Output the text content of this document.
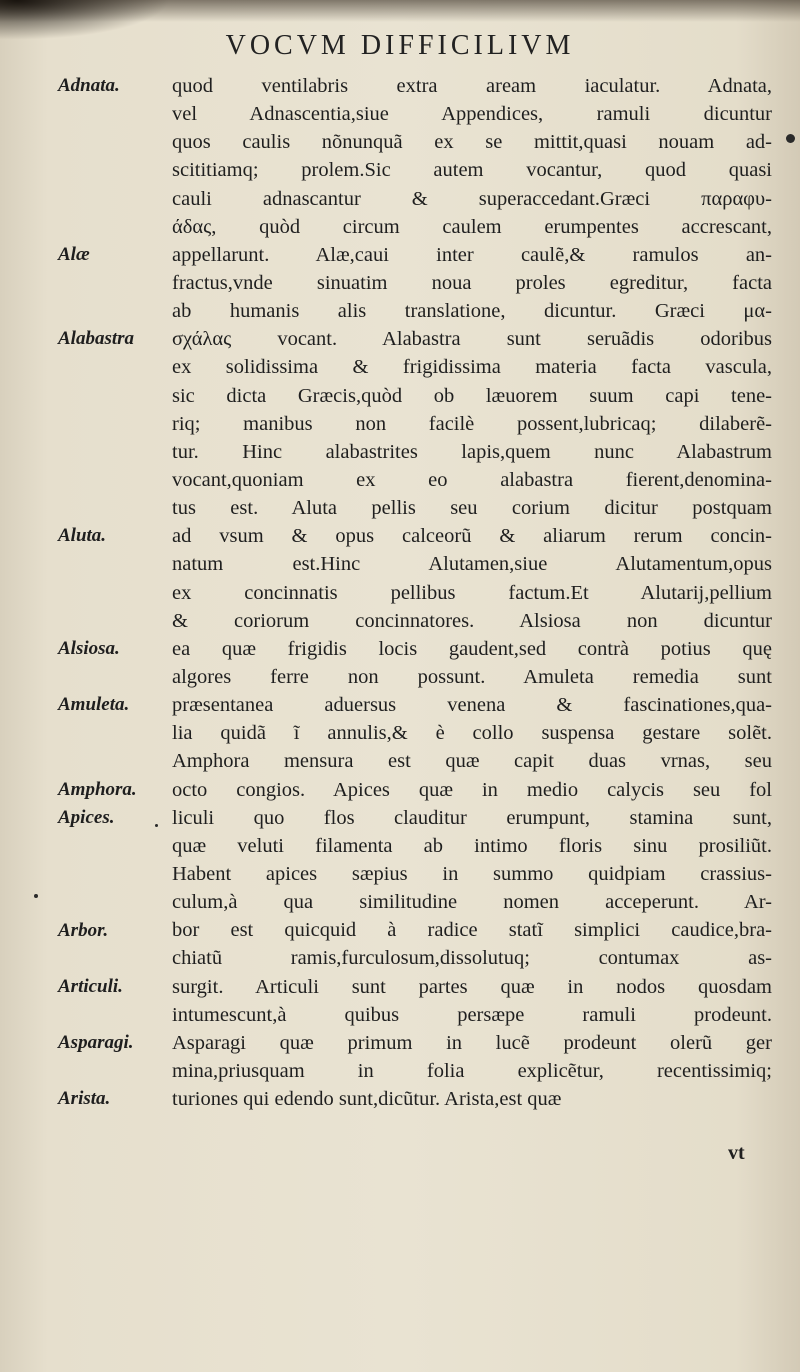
VOCVM DIFFICILIVM
Adnata.
Alæ
Alabastra
Aluta.
Alsiosa.
Amuleta.
Amphora.
Apices.
Arbor.
Articuli.
Asparagi.
Arista.
quod ventilabris extra aream iaculatur. Adnata,
vel Adnascentia,siue Appendices, ramuli dicuntur
quos caulis nõnunquã ex se mittit,quasi nouam ad-
scititiamq; prolem.Sic autem vocantur, quod quasi
cauli adnascantur & superaccedant.Græci παραφυ-
άδας, quòd circum caulem erumpentes accrescant,
appellarunt. Alæ,caui inter caulẽ,& ramulos an-
fractus,vnde sinuatim noua proles egreditur, facta
ab humanis alis translatione, dicuntur. Græci μα-
σχάλας vocant. Alabastra sunt seruãdis odoribus
ex solidissima & frigidissima materia facta vascula,
sic dicta Græcis,quòd ob læuorem suum capi tene-
riq; manibus non facilè possent,lubricaq; dilaberẽ-
tur. Hinc alabastrites lapis,quem nunc Alabastrum
vocant,quoniam ex eo alabastra fierent,denomina-
tus est. Aluta pellis seu corium dicitur postquam
ad vsum & opus calceorũ & aliarum rerum concin-
natum est.Hinc Alutamen,siue Alutamentum,opus
ex concinnatis pellibus factum.Et Alutarij,pellium
& coriorum concinnatores. Alsiosa non dicuntur
ea quæ frigidis locis gaudent,sed contrà potius quę
algores ferre non possunt. Amuleta remedia sunt
præsentanea aduersus venena & fascinationes,qua-
lia quidã ĩ annulis,& è collo suspensa gestare solẽt.
Amphora mensura est quæ capit duas vrnas, seu
octo congios. Apices quæ in medio calycis seu fol
liculi quo flos clauditur erumpunt, stamina sunt,
quæ veluti filamenta ab intimo floris sinu prosiliũt.
Habent apices sæpius in summo quidpiam crassius-
culum,à qua similitudine nomen acceperunt. Ar-
bor est quicquid à radice statĩ simplici caudice,bra-
chiatũ ramis,furculosum,dissolutuq; contumax as-
surgit. Articuli sunt partes quæ in nodos quosdam
intumescunt,à quibus persæpe ramuli prodeunt.
Asparagi quæ primum in lucẽ prodeunt olerũ ger
mina,priusquam in folia explicẽtur, recentissimiq;
turiones qui edendo sunt,dicũtur. Arista,est quæ
vt
